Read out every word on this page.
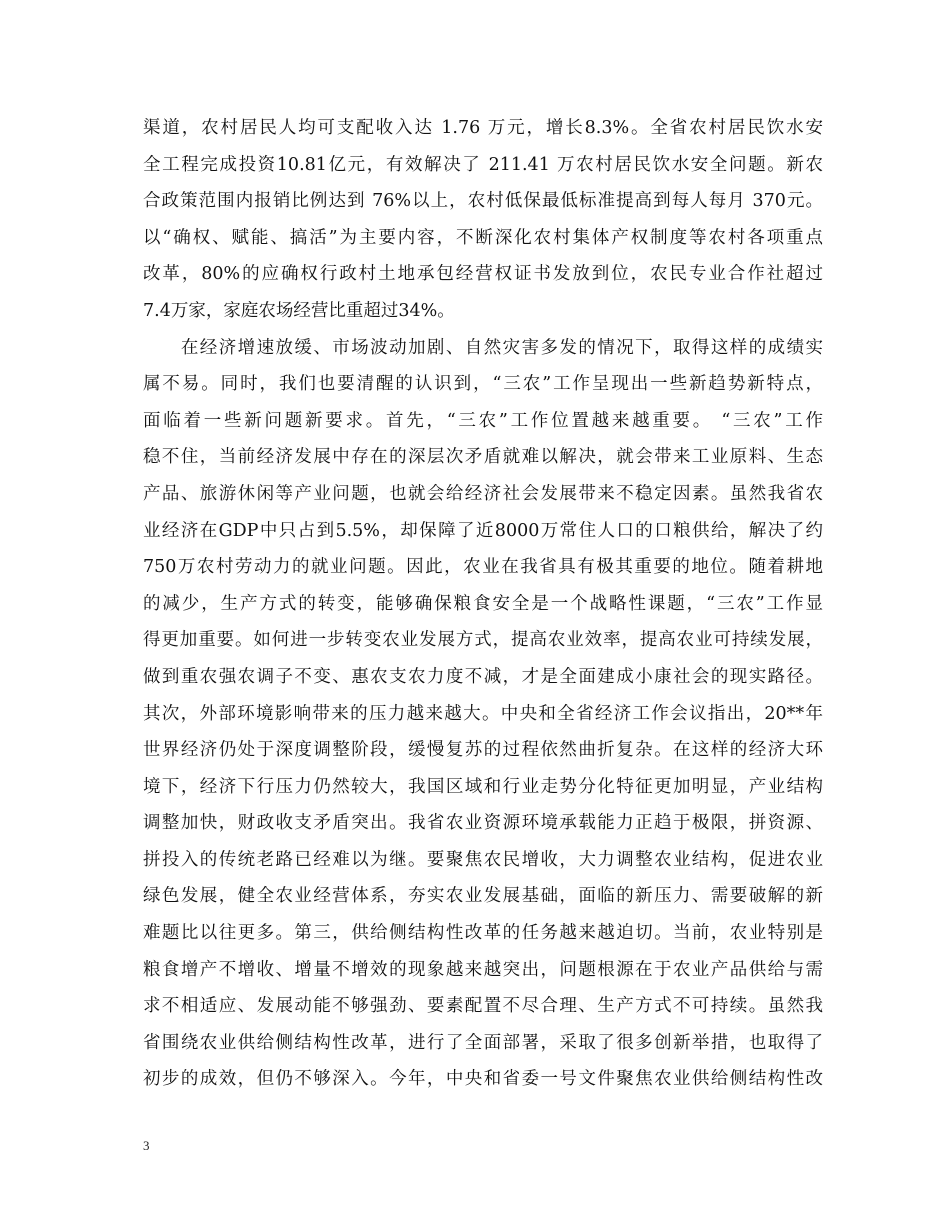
渠道，农村居民人均可支配收入达 1.76 万元，增长8.3%。全省农村居民饮水安
全工程完成投资10.81亿元，有效解决了 211.41 万农村居民饮水安全问题。新农
合政策范围内报销比例达到 76%以上，农村低保最低标准提高到每人每月 370元。
以“确权、赋能、搞活”为主要内容，不断深化农村集体产权制度等农村各项重点
改革，80%的应确权行政村土地承包经营权证书发放到位，农民专业合作社超过
7.4万家，家庭农场经营比重超过34%。
　　在经济增速放缓、市场波动加剧、自然灾害多发的情况下，取得这样的成绩实
属不易。同时，我们也要清醒的认识到，“三农”工作呈现出一些新趋势新特点，
面临着一些新问题新要求。首先，“三农”工作位置越来越重要。 “三农”工作
稳不住，当前经济发展中存在的深层次矛盾就难以解决，就会带来工业原料、生态
产品、旅游休闲等产业问题，也就会给经济社会发展带来不稳定因素。虽然我省农
业经济在GDP中只占到5.5%，却保障了近8000万常住人口的口粮供给，解决了约
750万农村劳动力的就业问题。因此，农业在我省具有极其重要的地位。随着耕地
的减少，生产方式的转变，能够确保粮食安全是一个战略性课题，“三农”工作显
得更加重要。如何进一步转变农业发展方式，提高农业效率，提高农业可持续发展，
做到重农强农调子不变、惠农支农力度不减，才是全面建成小康社会的现实路径。
其次，外部环境影响带来的压力越来越大。中央和全省经济工作会议指出，20**年
世界经济仍处于深度调整阶段，缓慢复苏的过程依然曲折复杂。在这样的经济大环
境下，经济下行压力仍然较大，我国区域和行业走势分化特征更加明显，产业结构
调整加快，财政收支矛盾突出。我省农业资源环境承载能力正趋于极限，拼资源、
拼投入的传统老路已经难以为继。要聚焦农民增收，大力调整农业结构，促进农业
绿色发展，健全农业经营体系，夯实农业发展基础，面临的新压力、需要破解的新
难题比以往更多。第三，供给侧结构性改革的任务越来越迫切。当前，农业特别是
粮食增产不增收、增量不增效的现象越来越突出，问题根源在于农业产品供给与需
求不相适应、发展动能不够强劲、要素配置不尽合理、生产方式不可持续。虽然我
省围绕农业供给侧结构性改革，进行了全面部署，采取了很多创新举措，也取得了
初步的成效，但仍不够深入。今年，中央和省委一号文件聚焦农业供给侧结构性改
3
